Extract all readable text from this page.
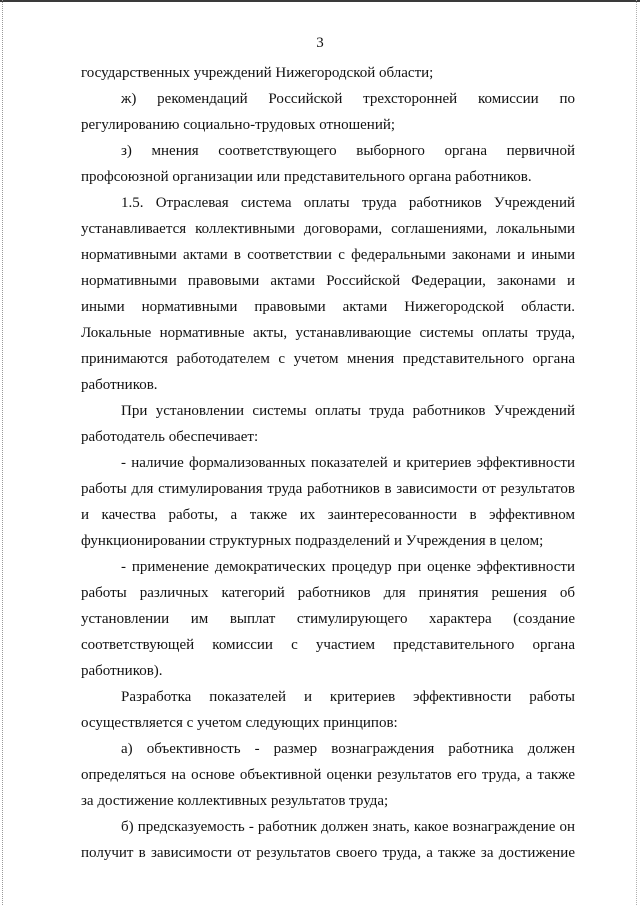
3
государственных учреждений Нижегородской области;
ж) рекомендаций Российской трехсторонней комиссии по
регулированию социально-трудовых отношений;
з) мнения соответствующего выборного органа первичной
профсоюзной организации или представительного органа работников.
1.5. Отраслевая система оплаты труда работников Учреждений
устанавливается коллективными договорами, соглашениями, локальными
нормативными актами в соответствии с федеральными законами и иными
нормативными правовыми актами Российской Федерации, законами и
иными нормативными правовыми актами Нижегородской области.
Локальные нормативные акты, устанавливающие системы оплаты труда,
принимаются работодателем с учетом мнения представительного органа
работников.
При установлении системы оплаты труда работников Учреждений
работодатель обеспечивает:
- наличие формализованных показателей и критериев эффективности
работы для стимулирования труда работников в зависимости от результатов
и качества работы, а также их заинтересованности в эффективном
функционировании структурных подразделений и Учреждения в целом;
- применение демократических процедур при оценке эффективности
работы различных категорий работников для принятия решения об
установлении им выплат стимулирующего характера (создание
соответствующей комиссии с участием представительного органа
работников).
Разработка показателей и критериев эффективности работы
осуществляется с учетом следующих принципов:
а) объективность - размер вознаграждения работника должен
определяться на основе объективной оценки результатов его труда, а также
за достижение коллективных результатов труда;
б) предсказуемость - работник должен знать, какое вознаграждение он
получит в зависимости от результатов своего труда, а также за достижение
